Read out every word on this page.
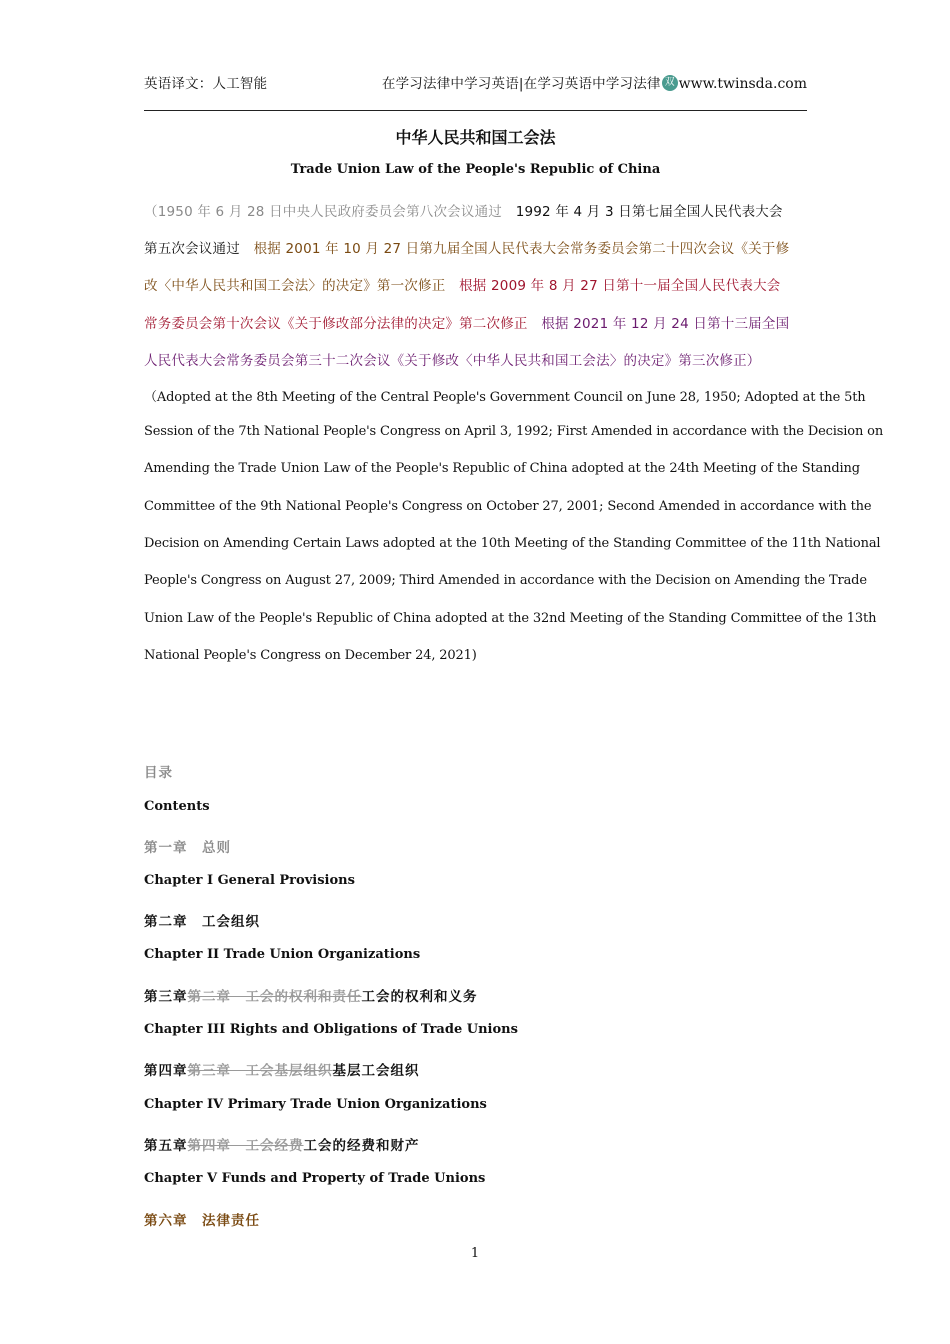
英语译文：人工智能	在学习法律中学习英语|在学习英语中学习法律 双 www.twinsda.com
中华人民共和国工会法
Trade Union Law of the People's Republic of China
（1950 年 6 月 28 日中央人民政府委员会第八次会议通过　 1992 年 4 月 3 日第七届全国人民代表大会
第五次会议通过　 根据 2001 年 10 月 27 日第九届全国人民代表大会常务委员会第二十四次会议《关于修
改〈中华人民共和国工会法〉的决定》第一次修正　 根据 2009 年 8 月 27 日第十一届全国人民代表大会
常务委员会第十次会议《关于修改部分法律的决定》第二次修正　 根据 2021 年 12 月 24 日第十三届全国
人民代表大会常务委员会第三十二次会议《关于修改〈中华人民共和国工会法〉的决定》第三次修正）
（Adopted at the 8th Meeting of the Central People's Government Council on June 28, 1950; Adopted at the 5th
Session of the 7th National People's Congress on April 3, 1992; First Amended in accordance with the Decision on
Amending the Trade Union Law of the People's Republic of China adopted at the 24th Meeting of the Standing
Committee of the 9th National People's Congress on October 27, 2001; Second Amended in accordance with the
Decision on Amending Certain Laws adopted at the 10th Meeting of the Standing Committee of the 11th National
People's Congress on August 27, 2009; Third Amended in accordance with the Decision on Amending the Trade
Union Law of the People's Republic of China adopted at the 32nd Meeting of the Standing Committee of the 13th
National People's Congress on December 24, 2021)
目录
Contents
第一章　总则
Chapter I General Provisions
第二章　工会组织
Chapter II Trade Union Organizations
第三章第二章　工会的权利和责任工会的权利和义务
Chapter III Rights and Obligations of Trade Unions
第四章第三章　工会基层组织基层工会组织
Chapter IV Primary Trade Union Organizations
第五章第四章　工会经费工会的经费和财产
Chapter V Funds and Property of Trade Unions
第六章　法律责任
1
